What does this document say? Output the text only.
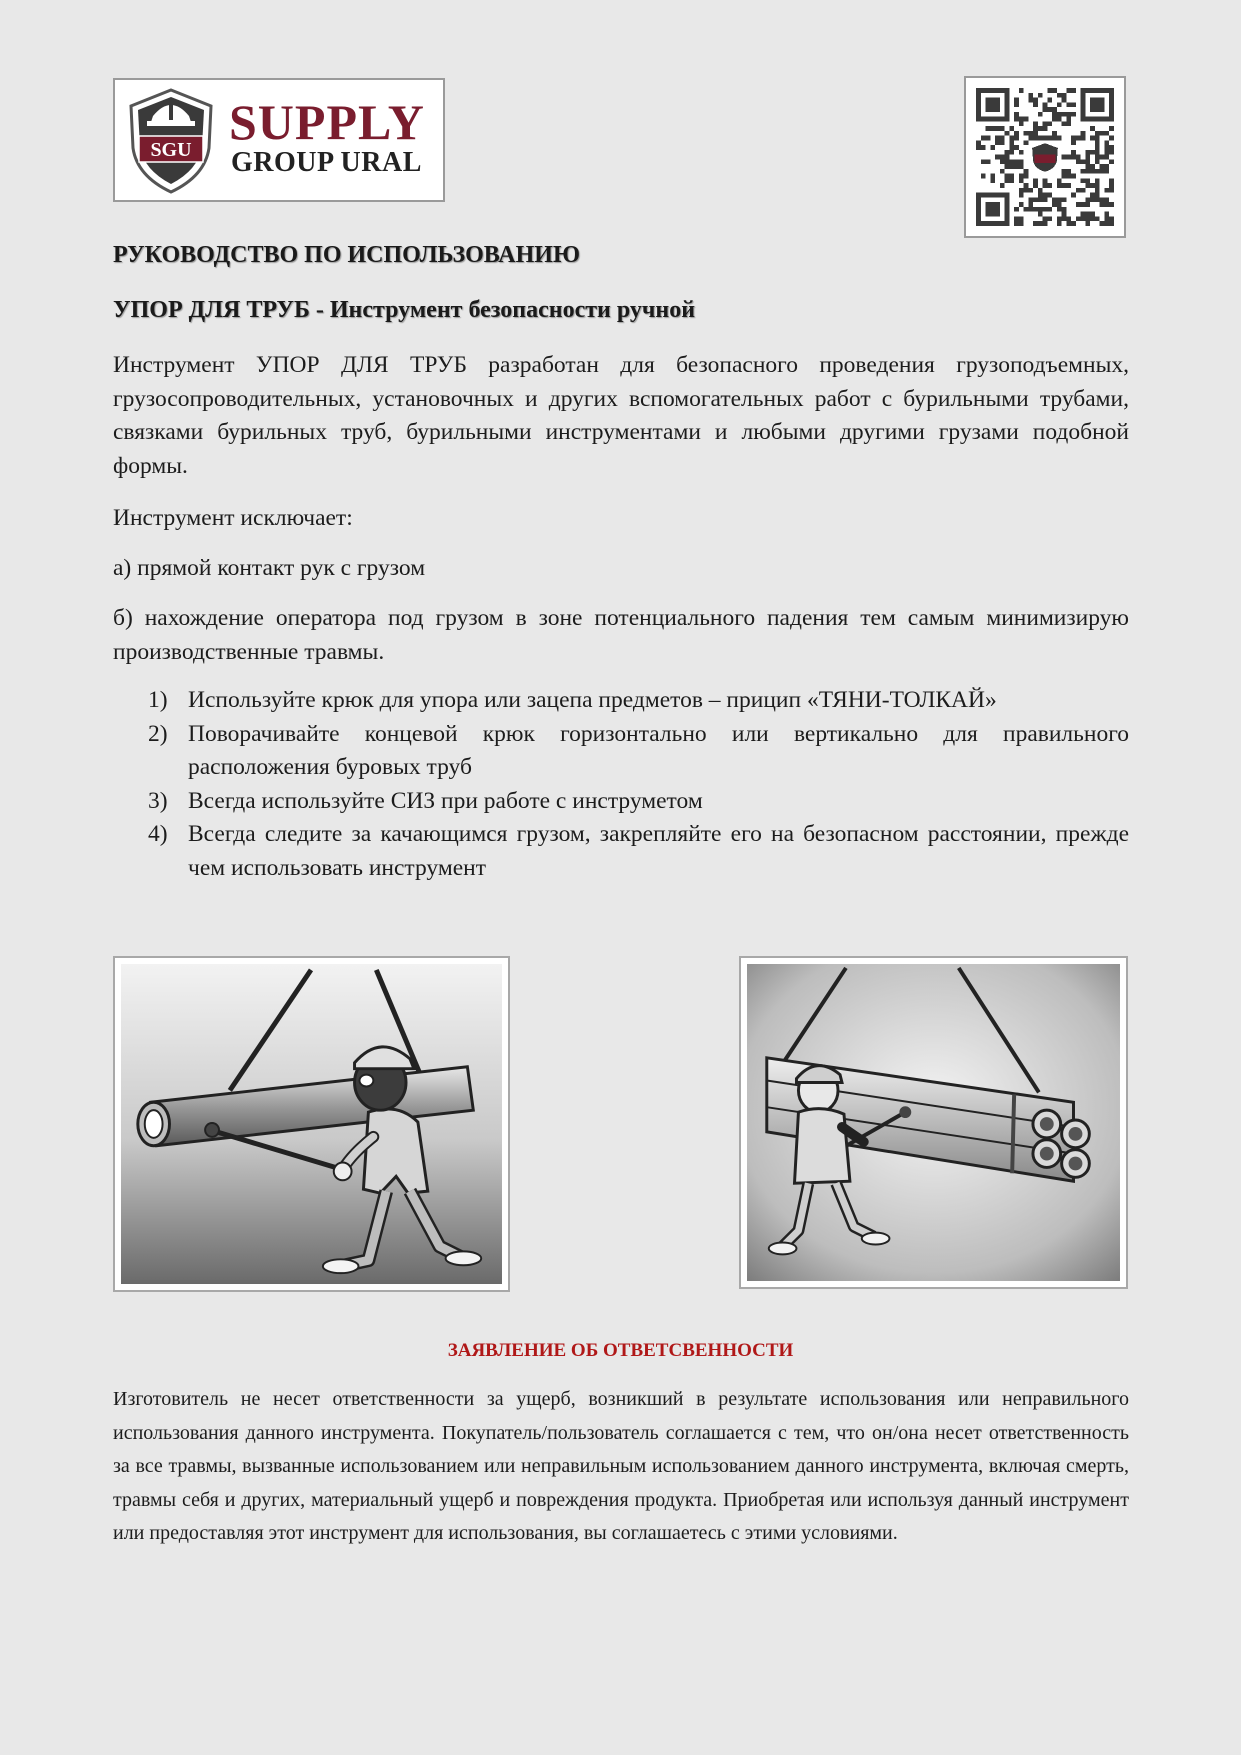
SGU SUPPLY
GROUP URAL
РУКОВОДСТВО ПО ИСПОЛЬЗОВАНИЮ
УПОР ДЛЯ ТРУБ - Инструмент безопасности ручной
Инструмент УПОР ДЛЯ ТРУБ разработан для безопасного проведения грузоподъемных, грузосопроводительных, установочных и других вспомогательных работ с бурильными трубами, связками бурильных труб, бурильными инструментами и любыми другими грузами подобной формы.
Инструмент исключает:
а) прямой контакт рук с грузом
б) нахождение оператора под грузом в зоне потенциального падения тем самым минимизирую производственные травмы.
1) Используйте крюк для упора или зацепа предметов – прицип «ТЯНИ-ТОЛКАЙ»
2) Поворачивайте концевой крюк горизонтально или вертикально для правильного расположения буровых труб
3) Всегда используйте СИЗ при работе с инструметом
4) Всегда следите за качающимся грузом, закрепляйте его на безопасном расстоянии, прежде чем использовать инструмент
ЗАЯВЛЕНИЕ ОБ ОТВЕТСВЕННОСТИ
Изготовитель не несет ответственности за ущерб, возникший в результате использования или неправильного использования данного инструмента. Покупатель/пользователь соглашается с тем, что он/она несет ответственность за все травмы, вызванные использованием или неправильным использованием данного инструмента, включая смерть, травмы себя и других, материальный ущерб и повреждения продукта. Приобретая или используя данный инструмент или предоставляя этот инструмент для использования, вы соглашаетесь с этими условиями.
